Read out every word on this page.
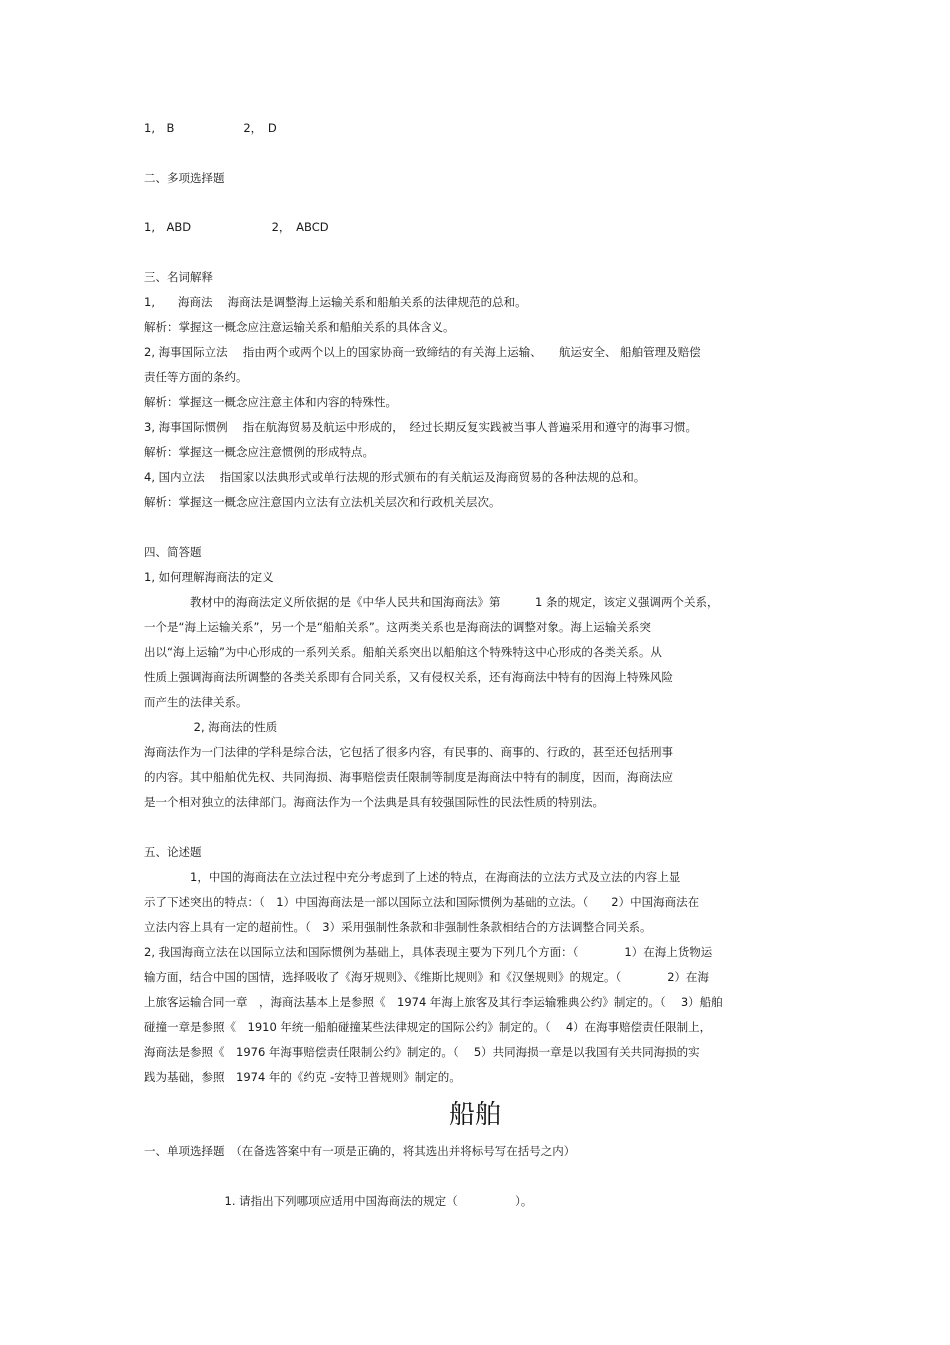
1,　B　　　　　　2，　D
二、多项选择题
1,　ABD　　　　　　　2，　ABCD
三、名词解释
1,　　海商法　 海商法是调整海上运输关系和船舶关系的法律规范的总和。
解析：掌握这一概念应注意运输关系和船舶关系的具体含义。
2, 海事国际立法　 指由两个或两个以上的国家协商一致缔结的有关海上运输、　　航运安全、 船舶管理及赔偿
责任等方面的条约。
解析：掌握这一概念应注意主体和内容的特殊性。
3, 海事国际惯例　 指在航海贸易及航运中形成的，　经过长期反复实践被当事人普遍采用和遵守的海事习惯。
解析：掌握这一概念应注意惯例的形成特点。
4, 国内立法　 指国家以法典形式或单行法规的形式颁布的有关航运及海商贸易的各种法规的总和。
解析：掌握这一概念应注意国内立法有立法机关层次和行政机关层次。
四、简答题
1, 如何理解海商法的定义
　　　　教材中的海商法定义所依据的是《中华人民共和国海商法》第　　　1 条的规定，该定义强调两个关系，
一个是“海上运输关系”，另一个是“船舶关系”。这两类关系也是海商法的调整对象。海上运输关系突
出以“海上运输”为中心形成的一系列关系。船舶关系突出以船舶这个特殊特这中心形成的各类关系。从
性质上强调海商法所调整的各类关系即有合同关系，又有侵权关系，还有海商法中特有的因海上特殊风险
而产生的法律关系。
　　　　 2, 海商法的性质
海商法作为一门法律的学科是综合法，它包括了很多内容，有民事的、商事的、行政的，甚至还包括刑事
的内容。其中船舶优先权、共同海损、海事赔偿责任限制等制度是海商法中特有的制度，因而，海商法应
是一个相对独立的法律部门。海商法作为一个法典是具有较强国际性的民法性质的特别法。
五、论述题
　　　　1，中国的海商法在立法过程中充分考虑到了上述的特点，在海商法的立法方式及立法的内容上显
示了下述突出的特点：（　1）中国海商法是一部以国际立法和国际惯例为基础的立法。（　　2）中国海商法在
立法内容上具有一定的超前性。（　3）采用强制性条款和非强制性条款相结合的方法调整合同关系。
2, 我国海商立法在以国际立法和国际惯例为基础上，具体表现主要为下列几个方面：（　　　　1）在海上货物运
输方面，结合中国的国情，选择吸收了《海牙规则》、《维斯比规则》和《汉堡规则》的规定。（　　　　2）在海
上旅客运输合同一章　，海商法基本上是参照《　1974 年海上旅客及其行李运输雅典公约》制定的。（　 3）船舶
碰撞一章是参照《　1910 年统一船舶碰撞某些法律规定的国际公约》制定的。（　 4）在海事赔偿责任限制上，
海商法是参照《　1976 年海事赔偿责任限制公约》制定的。（　 5）共同海损一章是以我国有关共同海损的实
践为基础，参照　1974 年的《约克 -安特卫普规则》制定的。
船舶
一、单项选择题　（在备选答案中有一项是正确的，将其选出并将标号写在括号之内）
　　　　　　　1. 请指出下列哪项应适用中国海商法的规定（　　　　　）。
